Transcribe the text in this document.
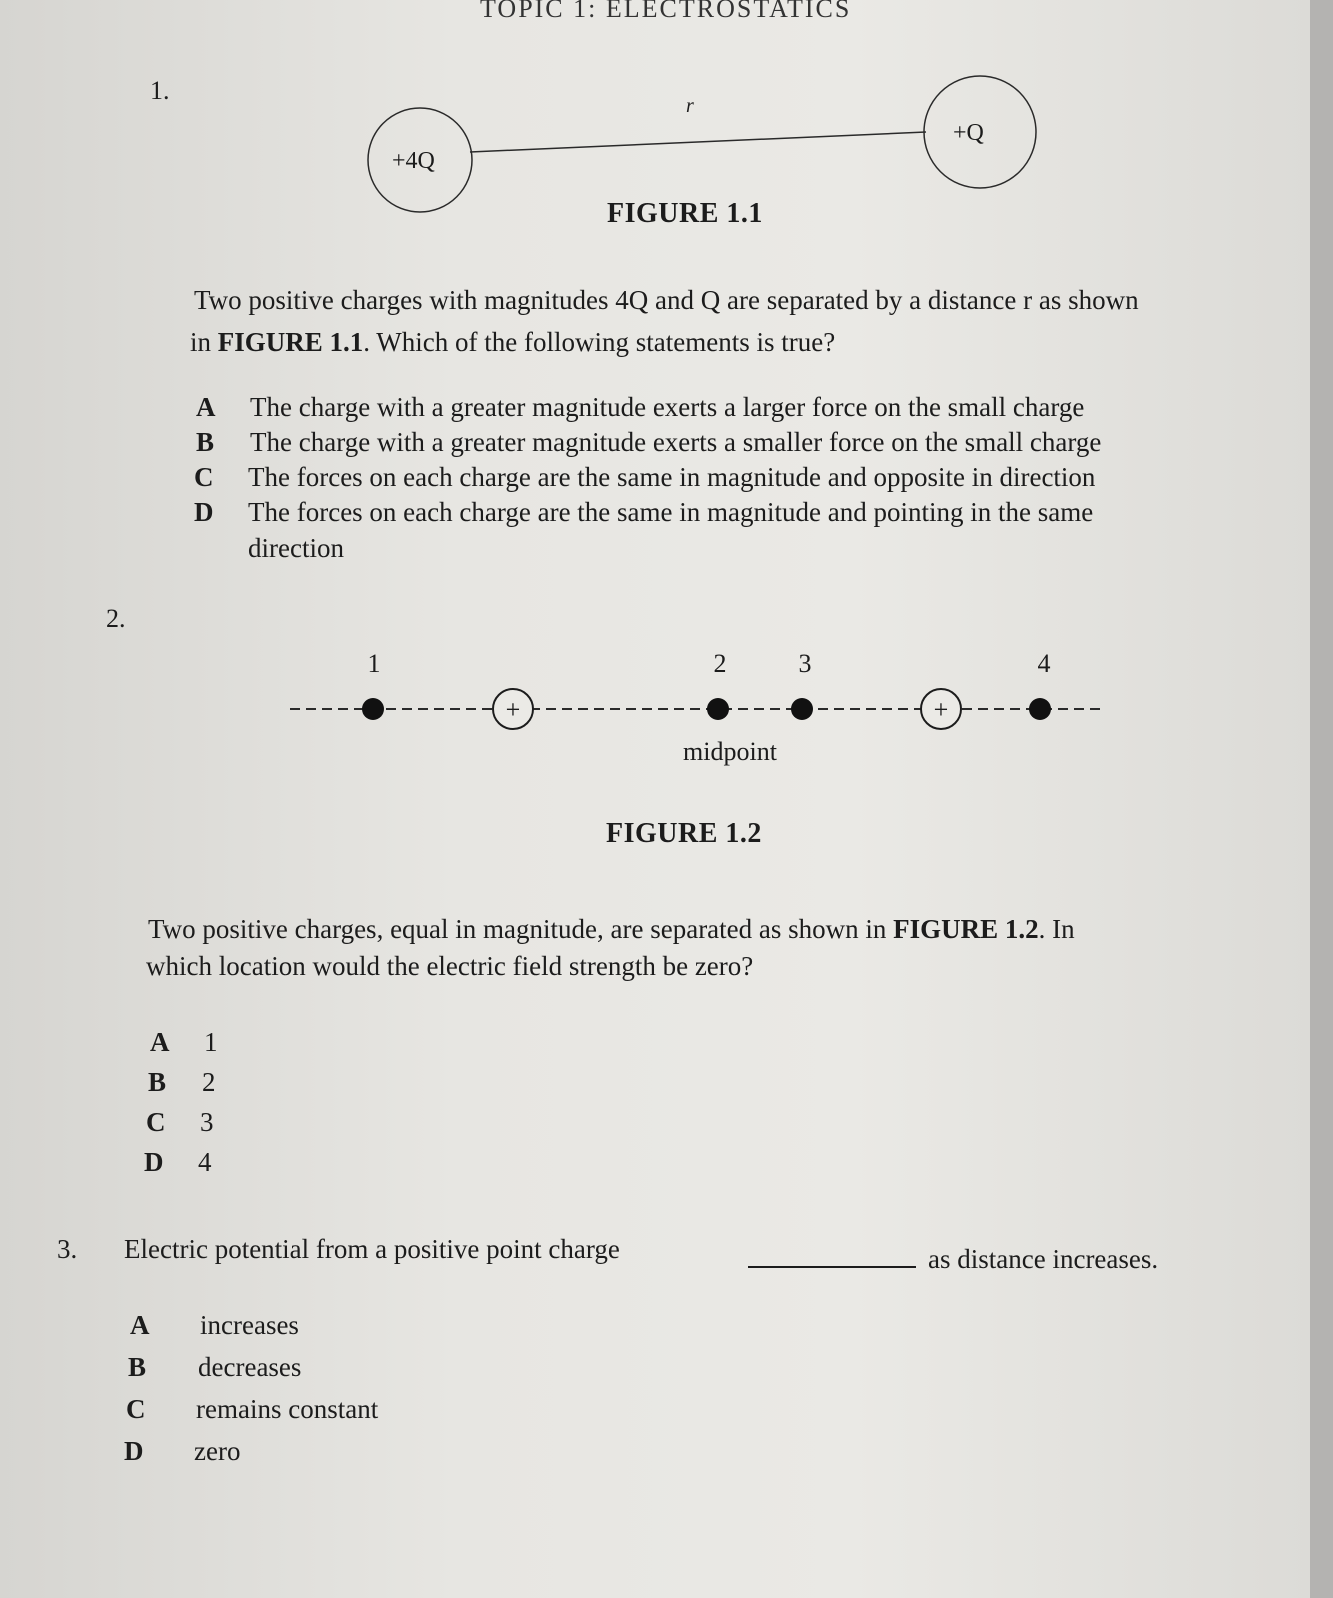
TOPIC 1: ELECTROSTATICS
1.
r
+4Q
+Q
FIGURE 1.1
Two positive charges with magnitudes 4Q and Q are separated by a distance r as shown
in FIGURE 1.1. Which of the following statements is true?
A The charge with a greater magnitude exerts a larger force on the small charge
B The charge with a greater magnitude exerts a smaller force on the small charge
C The forces on each charge are the same in magnitude and opposite in direction
D The forces on each charge are the same in magnitude and pointing in the same
direction
2.
+	+
1	2	3	4
midpoint
FIGURE 1.2
Two positive charges, equal in magnitude, are separated as shown in FIGURE 1.2. In
which location would the electric field strength be zero?
A 1
B 2
C 3
D 4
3. Electric potential from a positive point charge	as distance increases.
A increases
B decreases
C remains constant
D zero
